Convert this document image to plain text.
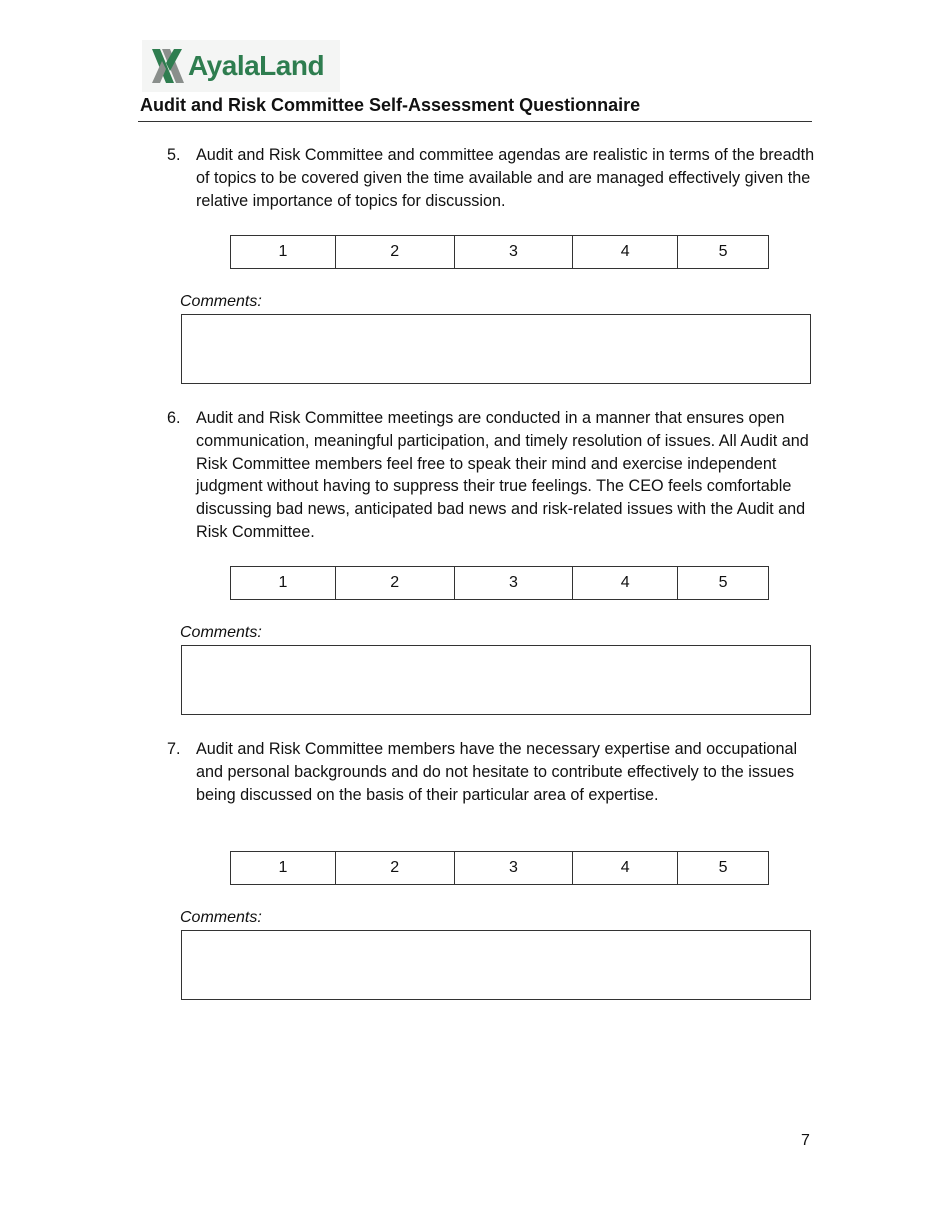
AyalaLand
Audit and Risk Committee Self-Assessment Questionnaire
5. Audit and Risk Committee and committee agendas are realistic in terms of the breadth of topics to be covered given the time available and are managed effectively given the relative importance of topics for discussion.
1	2	3	4	5
Comments:
6. Audit and Risk Committee meetings are conducted in a manner that ensures open communication, meaningful participation, and timely resolution of issues. All Audit and Risk Committee members feel free to speak their mind and exercise independent judgment without having to suppress their true feelings. The CEO feels comfortable discussing bad news, anticipated bad news and risk-related issues with the Audit and Risk Committee.
1	2	3	4	5
Comments:
7. Audit and Risk Committee members have the necessary expertise and occupational and personal backgrounds and do not hesitate to contribute effectively to the issues being discussed on the basis of their particular area of expertise.
1	2	3	4	5
Comments:
7
